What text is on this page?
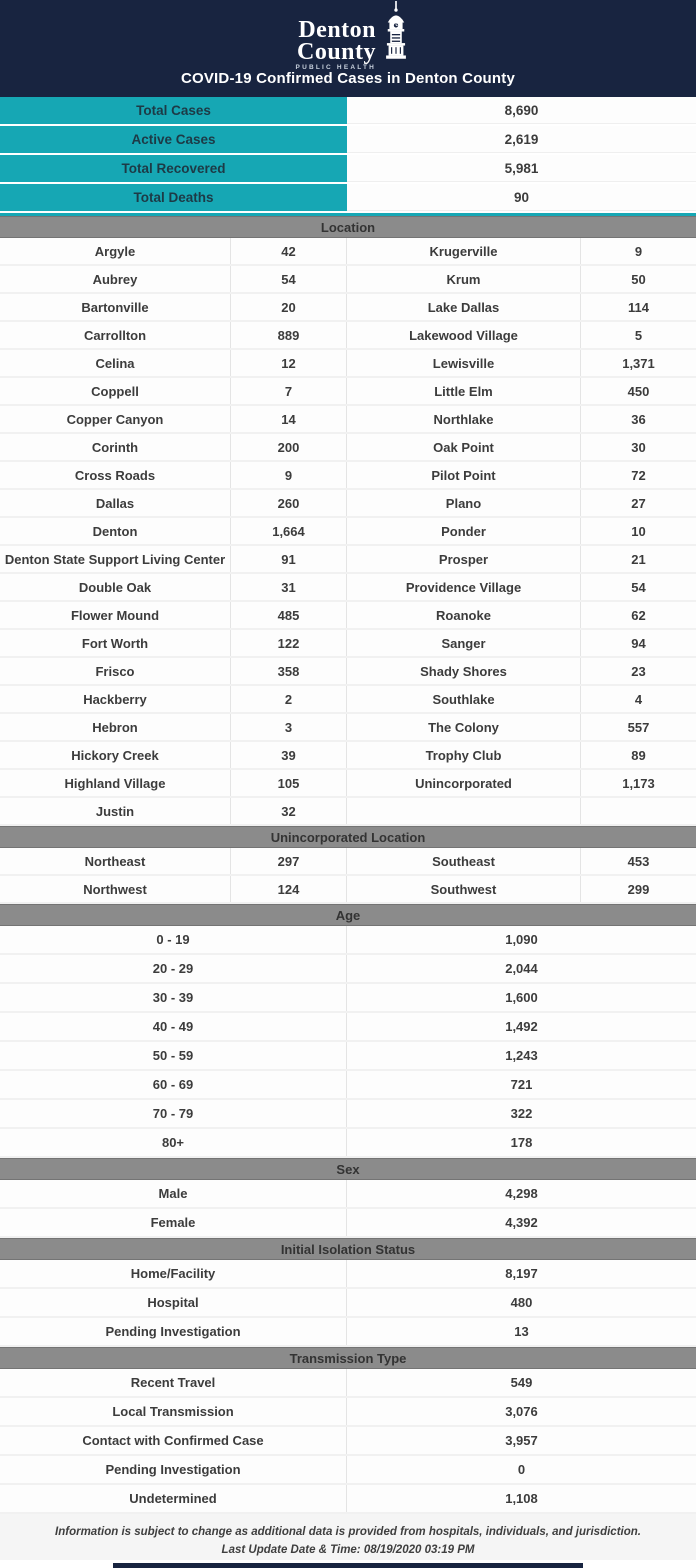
Denton
County
PUBLIC HEALTH
COVID-19 Confirmed Cases in Denton County
Total Cases	8,690
Active Cases	2,619
Total Recovered	5,981
Total Deaths	90
Location
Argyle	42	Krugerville	9
Aubrey	54	Krum	50
Bartonville	20	Lake Dallas	114
Carrollton	889	Lakewood Village	5
Celina	12	Lewisville	1,371
Coppell	7	Little Elm	450
Copper Canyon	14	Northlake	36
Corinth	200	Oak Point	30
Cross Roads	9	Pilot Point	72
Dallas	260	Plano	27
Denton	1,664	Ponder	10
Denton State Support Living Center	91	Prosper	21
Double Oak	31	Providence Village	54
Flower Mound	485	Roanoke	62
Fort Worth	122	Sanger	94
Frisco	358	Shady Shores	23
Hackberry	2	Southlake	4
Hebron	3	The Colony	557
Hickory Creek	39	Trophy Club	89
Highland Village	105	Unincorporated	1,173
Justin	32
Unincorporated Location
Northeast	297	Southeast	453
Northwest	124	Southwest	299
Age
0 - 19	1,090
20 - 29	2,044
30 - 39	1,600
40 - 49	1,492
50 - 59	1,243
60 - 69	721
70 - 79	322
80+	178
Sex
Male	4,298
Female	4,392
Initial Isolation Status
Home/Facility	8,197
Hospital	480
Pending Investigation	13
Transmission Type
Recent Travel	549
Local Transmission	3,076
Contact with Confirmed Case	3,957
Pending Investigation	0
Undetermined	1,108
Information is subject to change as additional data is provided from hospitals, individuals, and jurisdiction.
Last Update Date & Time: 08/19/2020 03:19 PM
